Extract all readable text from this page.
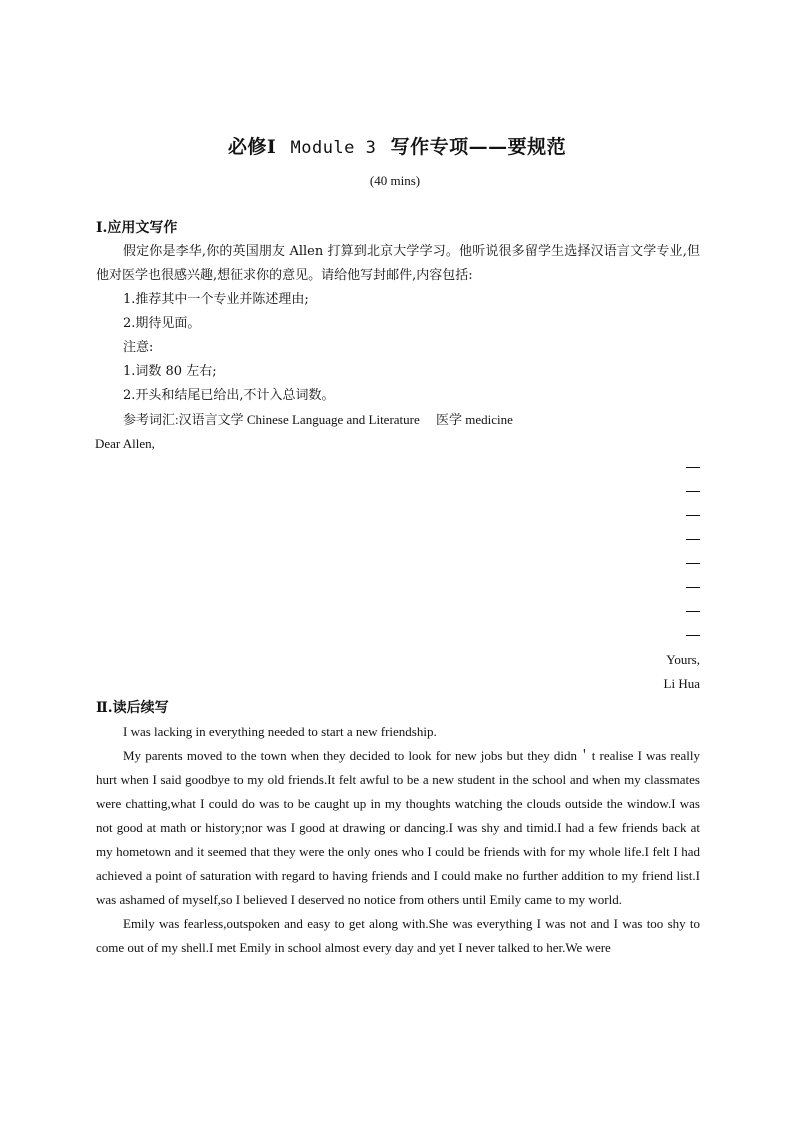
必修Ⅰ Module 3 写作专项——要规范
(40 mins)
Ⅰ.应用文写作
假定你是李华,你的英国朋友 Allen 打算到北京大学学习。他听说很多留学生选择汉语言文学专业,但他对医学也很感兴趣,想征求你的意见。请给他写封邮件,内容包括:
1.推荐其中一个专业并陈述理由;
2.期待见面。
注意:
1.词数 80 左右;
2.开头和结尾已给出,不计入总词数。
参考词汇:汉语言文学 Chinese Language and Literature　 医学 medicine
Dear Allen,
Yours,
Li Hua
Ⅱ.读后续写
I was lacking in everything needed to start a new friendship.
My parents moved to the town when they decided to look for new jobs but they didn＇t realise I was really hurt when I said goodbye to my old friends.It felt awful to be a new student in the school and when my classmates were chatting,what I could do was to be caught up in my thoughts watching the clouds outside the window.I was not good at math or history;nor was I good at drawing or dancing.I was shy and timid.I had a few friends back at my hometown and it seemed that they were the only ones who I could be friends with for my whole life.I felt I had achieved a point of saturation with regard to having friends and I could make no further addition to my friend list.I was ashamed of myself,so I believed I deserved no notice from others until Emily came to my world.
Emily was fearless,outspoken and easy to get along with.She was everything I was not and I was too shy to come out of my shell.I met Emily in school almost every day and yet I never talked to her.We were
